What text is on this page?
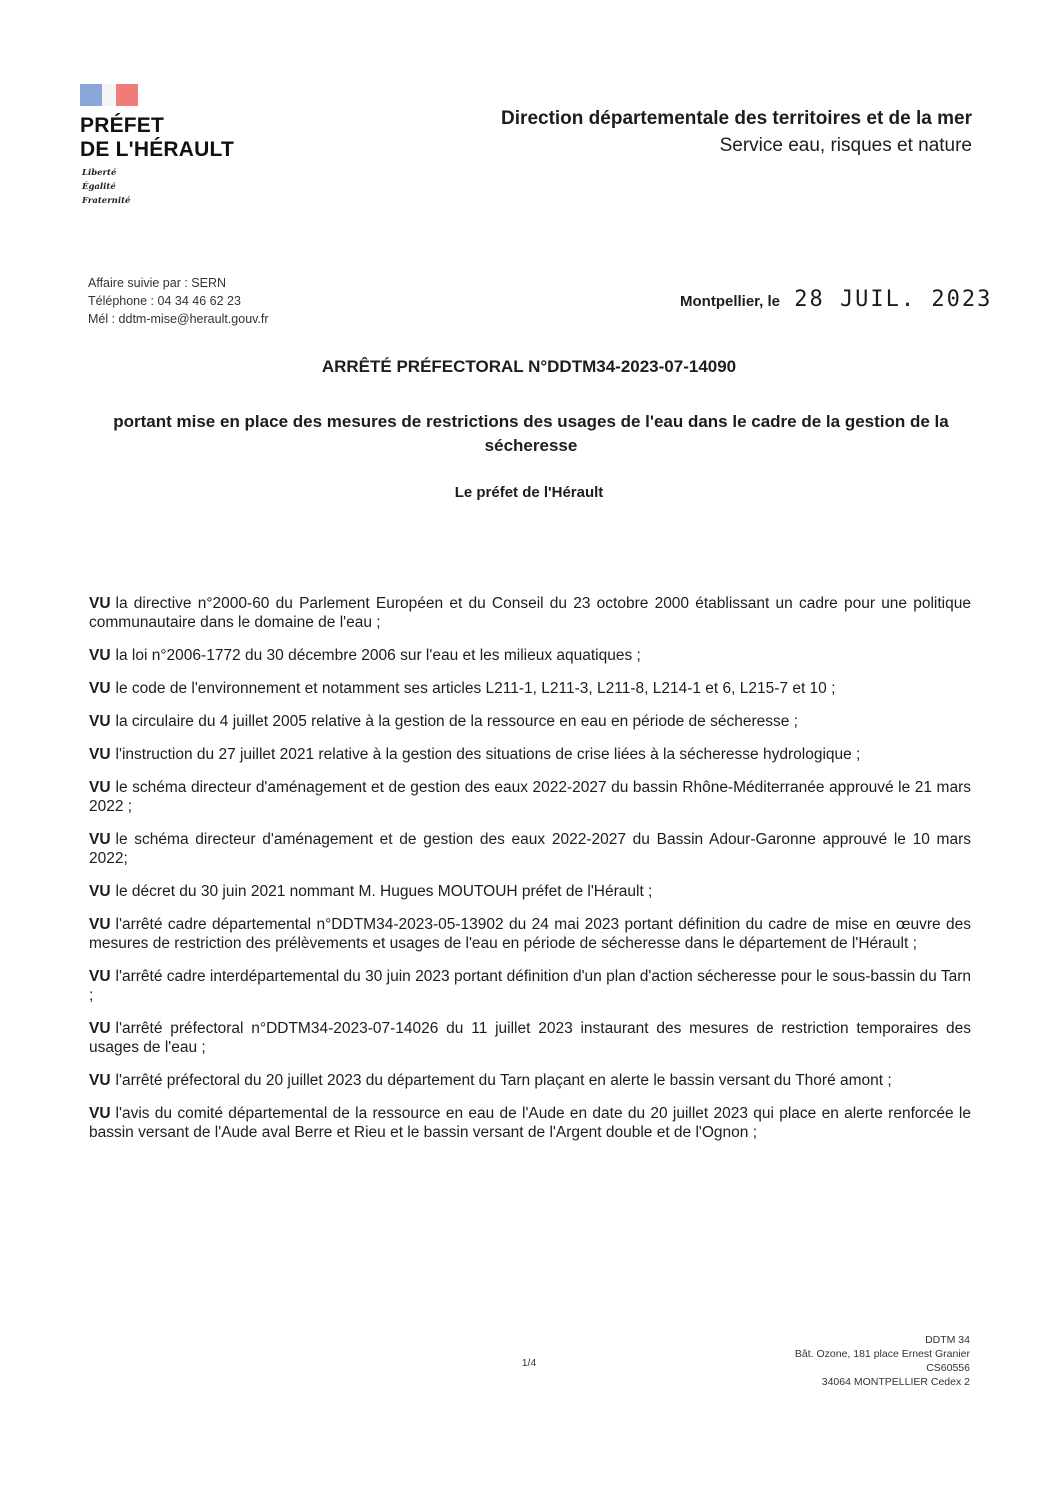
PRÉFET
DE L'HÉRAULT
Liberté
Égalité
Fraternité
Direction départementale des territoires et de la mer
Service eau, risques et nature
Affaire suivie par : SERN
Téléphone : 04 34 46 62 23
Mél : ddtm-mise@herault.gouv.fr
Montpellier, le 28 JUIL. 2023
ARRÊTÉ PRÉFECTORAL N°DDTM34-2023-07-14090
portant mise en place des mesures de restrictions des usages de l'eau dans le cadre de la gestion de la sécheresse
Le préfet de l'Hérault
VU la directive n°2000-60 du Parlement Européen et du Conseil du 23 octobre 2000 établissant un cadre pour une politique communautaire dans le domaine de l'eau ;
VU la loi n°2006-1772 du 30 décembre 2006 sur l'eau et les milieux aquatiques ;
VU le code de l'environnement et notamment ses articles L211-1, L211-3, L211-8, L214-1 et 6, L215-7 et 10 ;
VU la circulaire du 4 juillet 2005 relative à la gestion de la ressource en eau en période de sécheresse ;
VU l'instruction du 27 juillet 2021 relative à la gestion des situations de crise liées à la sécheresse hydrologique ;
VU le schéma directeur d'aménagement et de gestion des eaux 2022-2027 du bassin Rhône-Méditerranée approuvé le 21 mars 2022 ;
VU le schéma directeur d'aménagement et de gestion des eaux 2022-2027 du Bassin Adour-Garonne approuvé le 10 mars 2022;
VU le décret du 30 juin 2021 nommant M. Hugues MOUTOUH préfet de l'Hérault ;
VU l'arrêté cadre départemental n°DDTM34-2023-05-13902 du 24 mai 2023 portant définition du cadre de mise en œuvre des mesures de restriction des prélèvements et usages de l'eau en période de sécheresse dans le département de l'Hérault ;
VU l'arrêté cadre interdépartemental du 30 juin 2023 portant définition d'un plan d'action sécheresse pour le sous-bassin du Tarn ;
VU l'arrêté préfectoral n°DDTM34-2023-07-14026 du 11 juillet 2023 instaurant des mesures de restriction temporaires des usages de l'eau ;
VU l'arrêté préfectoral du 20 juillet 2023 du département du Tarn plaçant en alerte le bassin versant du Thoré amont ;
VU l'avis du comité départemental de la ressource en eau de l'Aude en date du 20 juillet 2023 qui place en alerte renforcée le bassin versant de l'Aude aval Berre et Rieu et le bassin versant de l'Argent double et de l'Ognon ;
DDTM 34
Bât. Ozone, 181 place Ernest Granier
CS60556
34064 MONTPELLIER Cedex 2
1/4
